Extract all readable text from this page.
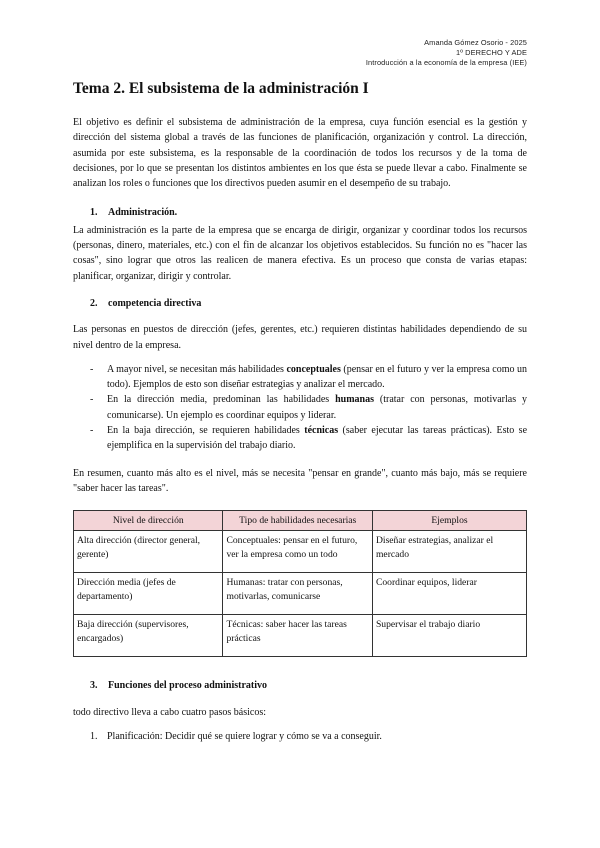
Amanda Gómez Osorio - 2025
1º DERECHO Y ADE
Introducción a la economía de la empresa (IEE)
Tema 2. El subsistema de la administración I

El objetivo es definir el subsistema de administración de la empresa, cuya función esencial es la gestión y dirección del sistema global a través de las funciones de planificación, organización y control. La dirección, asumida por este subsistema, es la responsable de la coordinación de todos los recursos y de la toma de decisiones, por lo que se presentan los distintos ambientes en los que ésta se puede llevar a cabo. Finalmente se analizan los roles o funciones que los directivos pueden asumir en el desempeño de su trabajo.

1. Administración.

La administración es la parte de la empresa que se encarga de dirigir, organizar y coordinar todos los recursos (personas, dinero, materiales, etc.) con el fin de alcanzar los objetivos establecidos. Su función no es "hacer las cosas", sino lograr que otros las realicen de manera efectiva. Es un proceso que consta de varias etapas: planificar, organizar, dirigir y controlar.

2. competencia directiva

Las personas en puestos de dirección (jefes, gerentes, etc.) requieren distintas habilidades dependiendo de su nivel dentro de la empresa.

- A mayor nivel, se necesitan más habilidades conceptuales (pensar en el futuro y ver la empresa como un todo). Ejemplos de esto son diseñar estrategias y analizar el mercado.
- En la dirección media, predominan las habilidades humanas (tratar con personas, motivarlas y comunicarse). Un ejemplo es coordinar equipos y liderar.
- En la baja dirección, se requieren habilidades técnicas (saber ejecutar las tareas prácticas). Esto se ejemplifica en la supervisión del trabajo diario.

En resumen, cuanto más alto es el nivel, más se necesita "pensar en grande", cuanto más bajo, más se requiere "saber hacer las tareas".

Nivel de dirección	Tipo de habilidades necesarias	Ejemplos
Alta dirección (director general, gerente)	Conceptuales: pensar en el futuro, ver la empresa como un todo	Diseñar estrategias, analizar el mercado
Dirección media (jefes de departamento)	Humanas: tratar con personas, motivarlas, comunicarse	Coordinar equipos, liderar
Baja dirección (supervisores, encargados)	Técnicas: saber hacer las tareas prácticas	Supervisar el trabajo diario
3. Funciones del proceso administrativo

todo directivo lleva a cabo cuatro pasos básicos:

1. Planificación: Decidir qué se quiere lograr y cómo se va a conseguir.
